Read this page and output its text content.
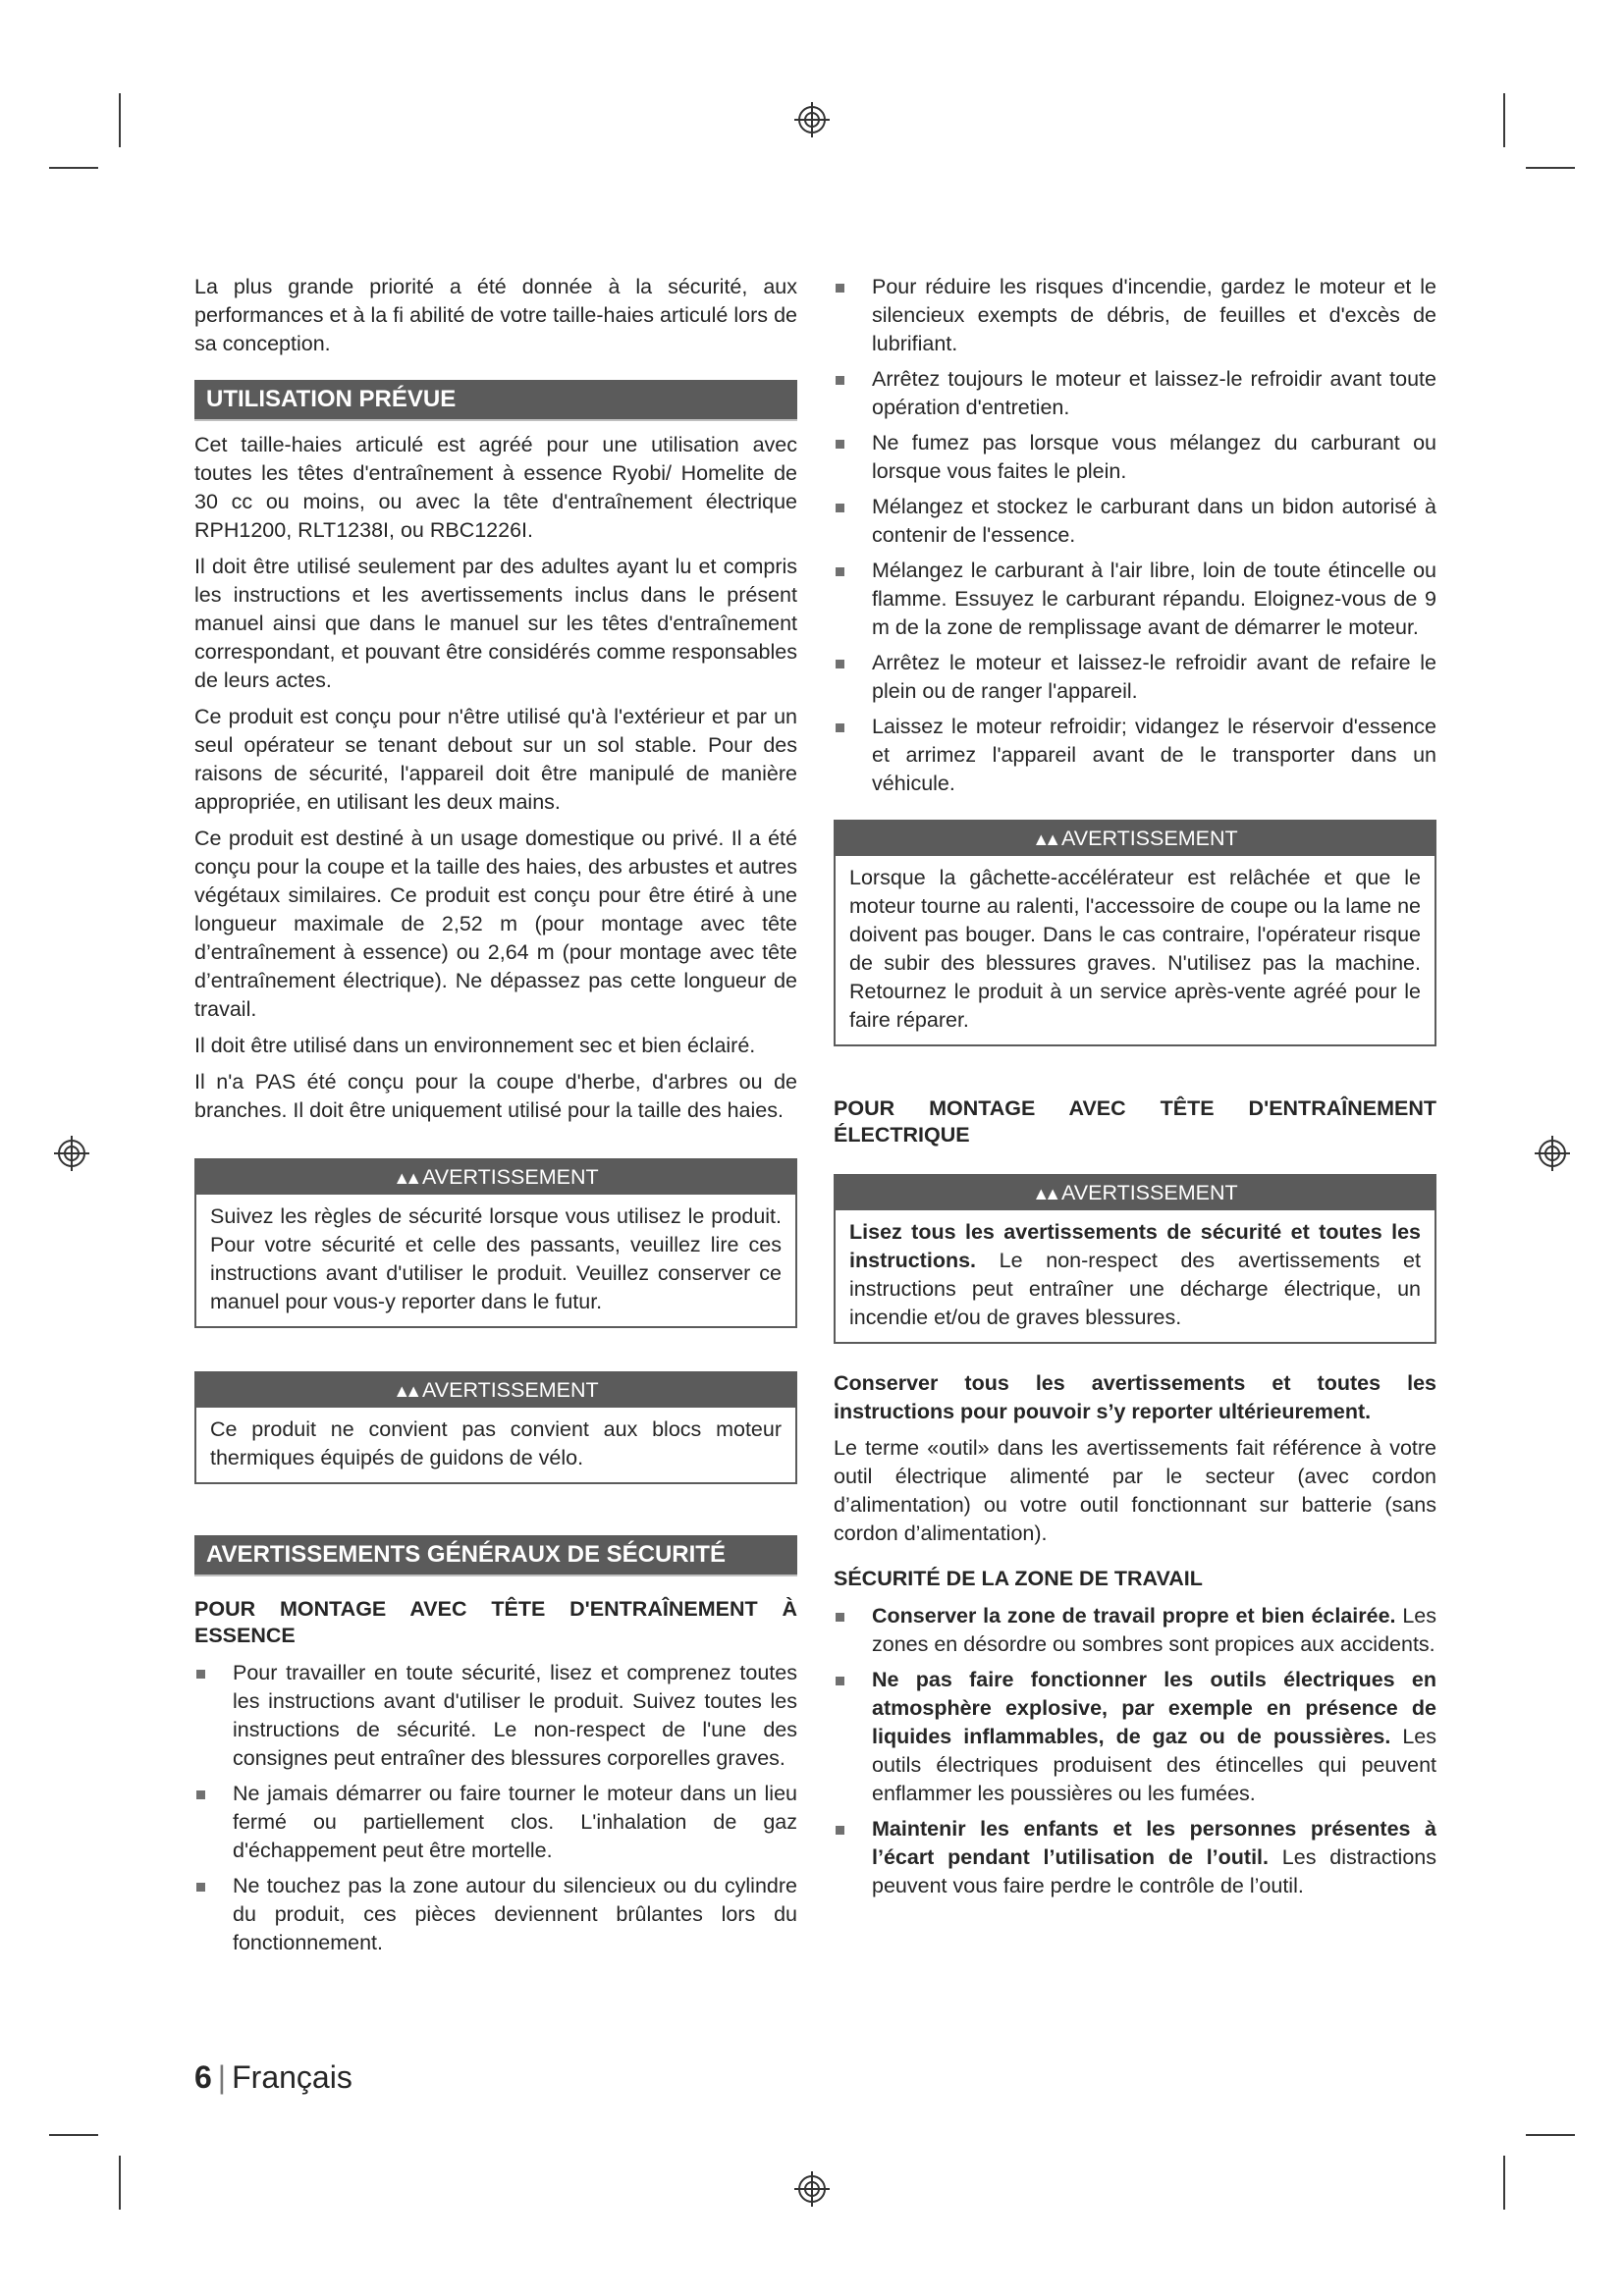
La plus grande priorité a été donnée à la sécurité, aux performances et à la fi abilité de votre taille-haies articulé lors de sa conception.

UTILISATION PRÉVUE

Cet taille-haies articulé est agréé pour une utilisation avec toutes les têtes d'entraînement à essence Ryobi/ Homelite de 30 cc ou moins, ou avec la tête d'entraînement électrique RPH1200, RLT1238I, ou RBC1226I.

Il doit être utilisé seulement par des adultes ayant lu et compris les instructions et les avertissements inclus dans le présent manuel ainsi que dans le manuel sur les têtes d'entraînement correspondant, et pouvant être considérés comme responsables de leurs actes.

Ce produit est conçu pour n'être utilisé qu'à l'extérieur et par un seul opérateur se tenant debout sur un sol stable. Pour des raisons de sécurité, l'appareil doit être manipulé de manière appropriée, en utilisant les deux mains.

Ce produit est destiné à un usage domestique ou privé. Il a été conçu pour la coupe et la taille des haies, des arbustes et autres végétaux similaires. Ce produit est conçu pour être étiré à une longueur maximale de 2,52 m (pour montage avec tête d’entraînement à essence) ou 2,64 m (pour montage avec tête d’entraînement électrique). Ne dépassez pas cette longueur de travail.

Il doit être utilisé dans un environnement sec et bien éclairé.

Il n'a PAS été conçu pour la coupe d'herbe, d'arbres ou de branches. Il doit être uniquement utilisé pour la taille des haies.

▲▲ AVERTISSEMENT
Suivez les règles de sécurité lorsque vous utilisez le produit. Pour votre sécurité et celle des passants, veuillez lire ces instructions avant d'utiliser le produit. Veuillez conserver ce manuel pour vous-y reporter dans le futur.
▲▲ AVERTISSEMENT
Ce produit ne convient pas convient aux blocs moteur thermiques équipés de guidons de vélo.
AVERTISSEMENTS GÉNÉRAUX DE SÉCURITÉ
POUR MONTAGE AVEC TÊTE D'ENTRAÎNEMENT À ESSENCE
Pour travailler en toute sécurité, lisez et comprenez toutes les instructions avant d'utiliser le produit. Suivez toutes les instructions de sécurité. Le non-respect de l'une des consignes peut entraîner des blessures corporelles graves.
Ne jamais démarrer ou faire tourner le moteur dans un lieu fermé ou partiellement clos. L'inhalation de gaz d'échappement peut être mortelle.
Ne touchez pas la zone autour du silencieux ou du cylindre du produit, ces pièces deviennent brûlantes lors du fonctionnement.
Pour réduire les risques d'incendie, gardez le moteur et le silencieux exempts de débris, de feuilles et d'excès de lubrifiant.
Arrêtez toujours le moteur et laissez-le refroidir avant toute opération d'entretien.
Ne fumez pas lorsque vous mélangez du carburant ou lorsque vous faites le plein.
Mélangez et stockez le carburant dans un bidon autorisé à contenir de l'essence.
Mélangez le carburant à l'air libre, loin de toute étincelle ou flamme. Essuyez le carburant répandu. Eloignez-vous de 9 m de la zone de remplissage avant de démarrer le moteur.
Arrêtez le moteur et laissez-le refroidir avant de refaire le plein ou de ranger l'appareil.
Laissez le moteur refroidir; vidangez le réservoir d'essence et arrimez l'appareil avant de le transporter dans un véhicule.
▲▲ AVERTISSEMENT
Lorsque la gâchette-accélérateur est relâchée et que le moteur tourne au ralenti, l'accessoire de coupe ou la lame ne doivent pas bouger. Dans le cas contraire, l'opérateur risque de subir des blessures graves. N'utilisez pas la machine. Retournez le produit à un service après-vente agréé pour le faire réparer.
POUR MONTAGE AVEC TÊTE D'ENTRAÎNEMENT ÉLECTRIQUE
▲▲ AVERTISSEMENT
Lisez tous les avertissements de sécurité et toutes les instructions. Le non-respect des avertissements et instructions peut entraîner une décharge électrique, un incendie et/ou de graves blessures.

Conserver tous les avertissements et toutes les instructions pour pouvoir s’y reporter ultérieurement.

Le terme «outil» dans les avertissements fait référence à votre outil électrique alimenté par le secteur (avec cordon d’alimentation) ou votre outil fonctionnant sur batterie (sans cordon d’alimentation).

SÉCURITÉ DE LA ZONE DE TRAVAIL
Conserver la zone de travail propre et bien éclairée. Les zones en désordre ou sombres sont propices aux accidents.
Ne pas faire fonctionner les outils électriques en atmosphère explosive, par exemple en présence de liquides inflammables, de gaz ou de poussières. Les outils électriques produisent des étincelles qui peuvent enflammer les poussières ou les fumées.
Maintenir les enfants et les personnes présentes à l’écart pendant l’utilisation de l’outil. Les distractions peuvent vous faire perdre le contrôle de l’outil.
6 | Français
